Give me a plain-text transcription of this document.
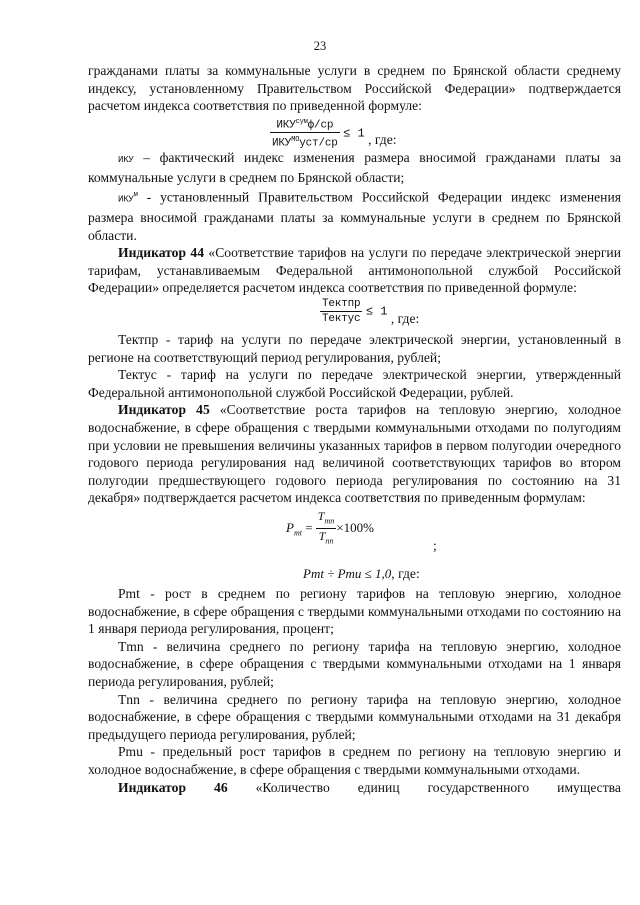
23

гражданами платы за коммунальные услуги в среднем по Брянской области среднему индексу, установленному Правительством Российской Федерации» подтверждается расчетом индекса соответствия по приведенной формуле:

$\frac{ИКУ^{сум}ф/ср}{ИКУ^{МО}уст/ср} \le 1$ , где:

ИКУ – фактический индекс изменения размера вносимой гражданами платы за коммунальные услуги в среднем по Брянской области;

$ИКУ^м$ - установленный Правительством Российской Федерации индекс изменения размера вносимой гражданами платы за коммунальные услуги в среднем по Брянской области.

Индикатор 44 «Соответствие тарифов на услуги по передаче электрической энергии тарифам, устанавливаемым Федеральной антимонопольной службой Российской Федерации» определяется расчетом индекса соответствия по приведенной формуле:

$\frac{\text{Тектпр}}{\text{Тектус}} \le 1$ , где:

Тектпр - тариф на услуги по передаче электрической энергии, установленный в регионе на соответствующий период регулирования, рублей;

Тектус - тариф на услуги по передаче электрической энергии, утвержденный Федеральной антимонопольной службой Российской Федерации, рублей.

Индикатор 45 «Соответствие роста тарифов на тепловую энергию, холодное водоснабжение, в сфере обращения с твердыми коммунальными отходами по полугодиям при условии не превышения величины указанных тарифов в первом полугодии очередного годового периода регулирования над величиной соответствующих тарифов во втором полугодии предшествующего годового периода регулирования по состоянию на 31 декабря» подтверждается расчетом индекса соответствия по приведенным формулам:

$P_{mt} = \frac{T_{mn}}{T_{nn}} \times 100\%$
;
Pmt ÷ Pmu ≤ 1,0, где:

Pmt - рост в среднем по региону тарифов на тепловую энергию, холодное водоснабжение, в сфере обращения с твердыми коммунальными отходами по состоянию на 1 января периода регулирования, процент;

Tmn - величина среднего по региону тарифа на тепловую энергию, холодное водоснабжение, в сфере обращения с твердыми коммунальными отходами на 1 января периода регулирования, рублей;

Tnn - величина среднего по региону тарифа на тепловую энергию, холодное водоснабжение, в сфере обращения с твердыми коммунальными отходами на 31 декабря предыдущего периода регулирования, рублей;

Pmu - предельный рост тарифов в среднем по региону на тепловую энергию и холодное водоснабжение, в сфере обращения с твердыми коммунальными отходами.

Индикатор 46 «Количество единиц государственного имущества
